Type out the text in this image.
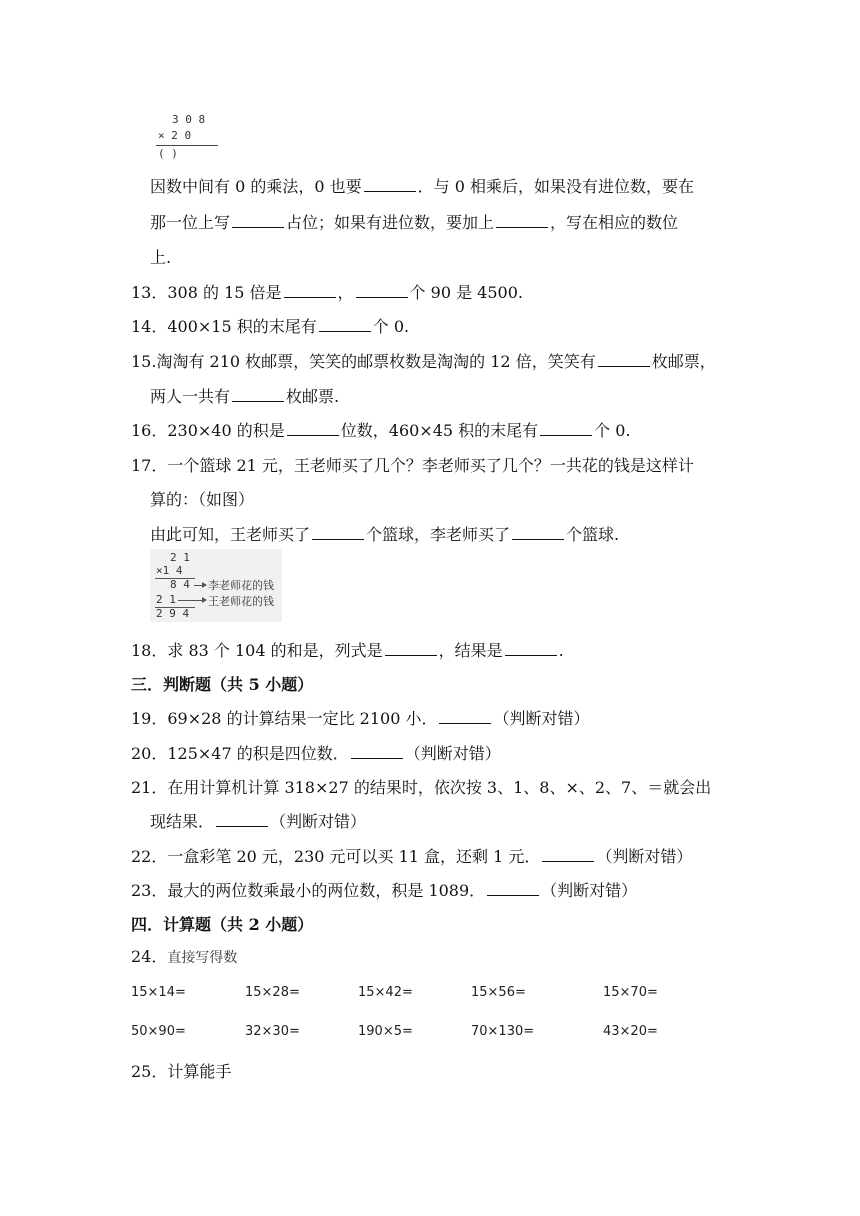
3 0 8
× 2 0
( )
因数中间有 0 的乘法，0 也要	．与 0 相乘后，如果没有进位数，要在
那一位上写	占位；如果有进位数，要加上	，写在相应的数位
上.
13．308 的 15 倍是	，	个 90 是 4500.
14．400×15 积的末尾有	个 0.
15.淘淘有 210 枚邮票，笑笑的邮票枚数是淘淘的 12 倍，笑笑有	枚邮票，
两人一共有	枚邮票.
16．230×40 的积是	位数，460×45 积的末尾有	个 0.
17．一个篮球 21 元，王老师买了几个？李老师买了几个？一共花的钱是这样计
算的：（如图）
由此可知，王老师买了	个篮球，李老师买了	个篮球.
2 1
×1 4
8 4
2 1
2 9 4
李老师花的钱
王老师花的钱
18．求 83 个 104 的和是，列式是	，结果是	.
三．判断题（共 5 小题）
19．69×28 的计算结果一定比 2100 小．	（判断对错）
20．125×47 的积是四位数．	（判断对错）
21．在用计算机计算 318×27 的结果时，依次按 3、1、8、×、2、7、＝就会出
现结果．	（判断对错）
22．一盒彩笔 20 元，230 元可以买 11 盒，还剩 1 元．	（判断对错）
23．最大的两位数乘最小的两位数，积是 1089．	（判断对错）
四．计算题（共 2 小题）
24．直接写得数
15×14=	15×28=	15×42=	15×56=	15×70=
50×90=	32×30=	190×5=	70×130=	43×20=
25．计算能手
